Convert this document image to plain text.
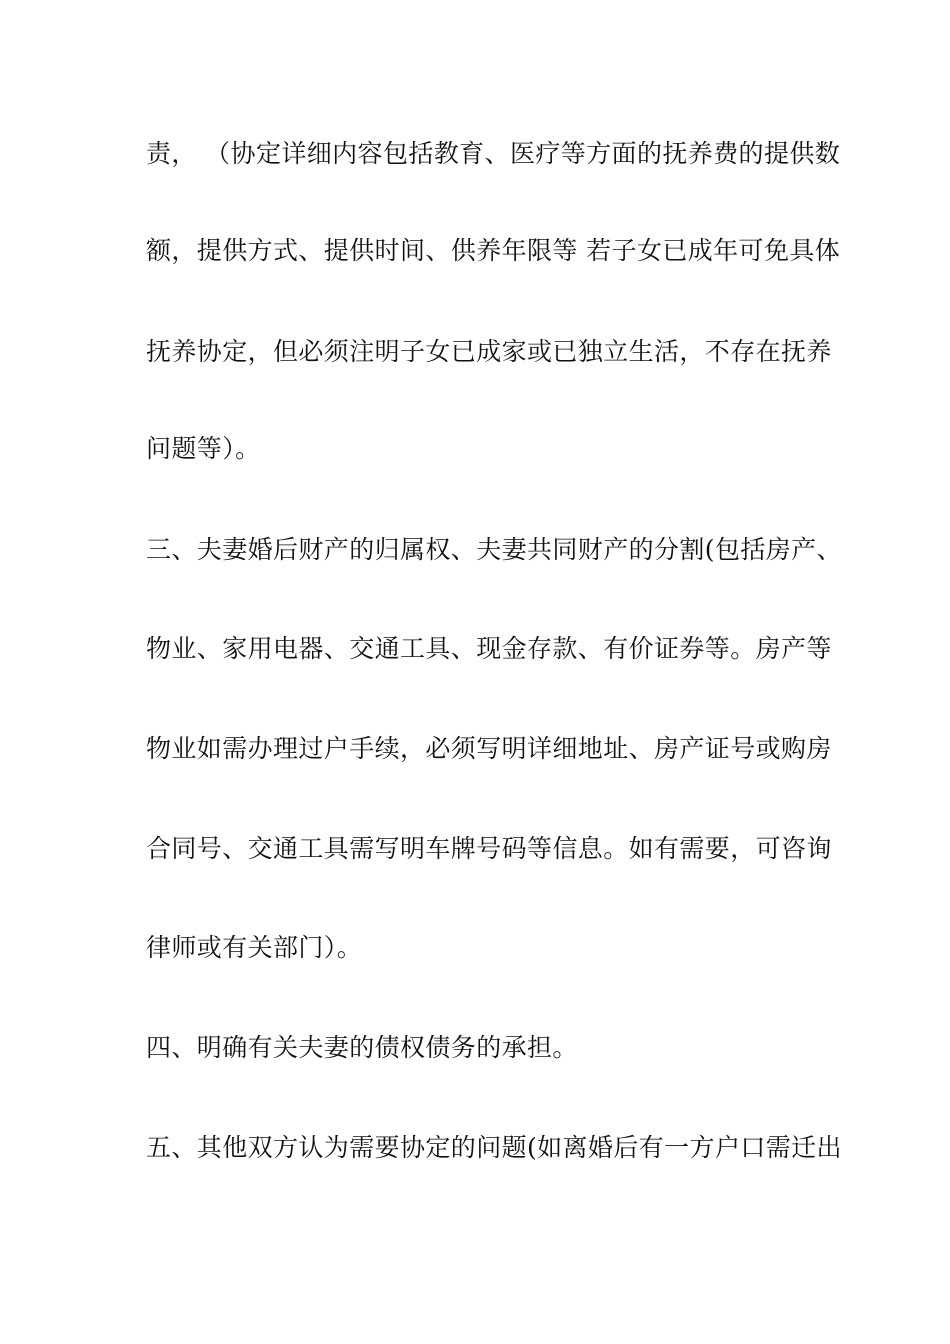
责， （协定详细内容包括教育、医疗等方面的抚养费的提供数
额，提供方式、提供时间、供养年限等 若子女已成年可免具体
抚养协定，但必须注明子女已成家或已独立生活，不存在抚养
问题等）。
三、夫妻婚后财产的归属权、夫妻共同财产的分割(包括房产、
物业、家用电器、交通工具、现金存款、有价证券等。房产等
物业如需办理过户手续，必须写明详细地址、房产证号或购房
合同号、交通工具需写明车牌号码等信息。如有需要，可咨询
律师或有关部门）。
四、明确有关夫妻的债权债务的承担。
五、其他双方认为需要协定的问题(如离婚后有一方户口需迁出
